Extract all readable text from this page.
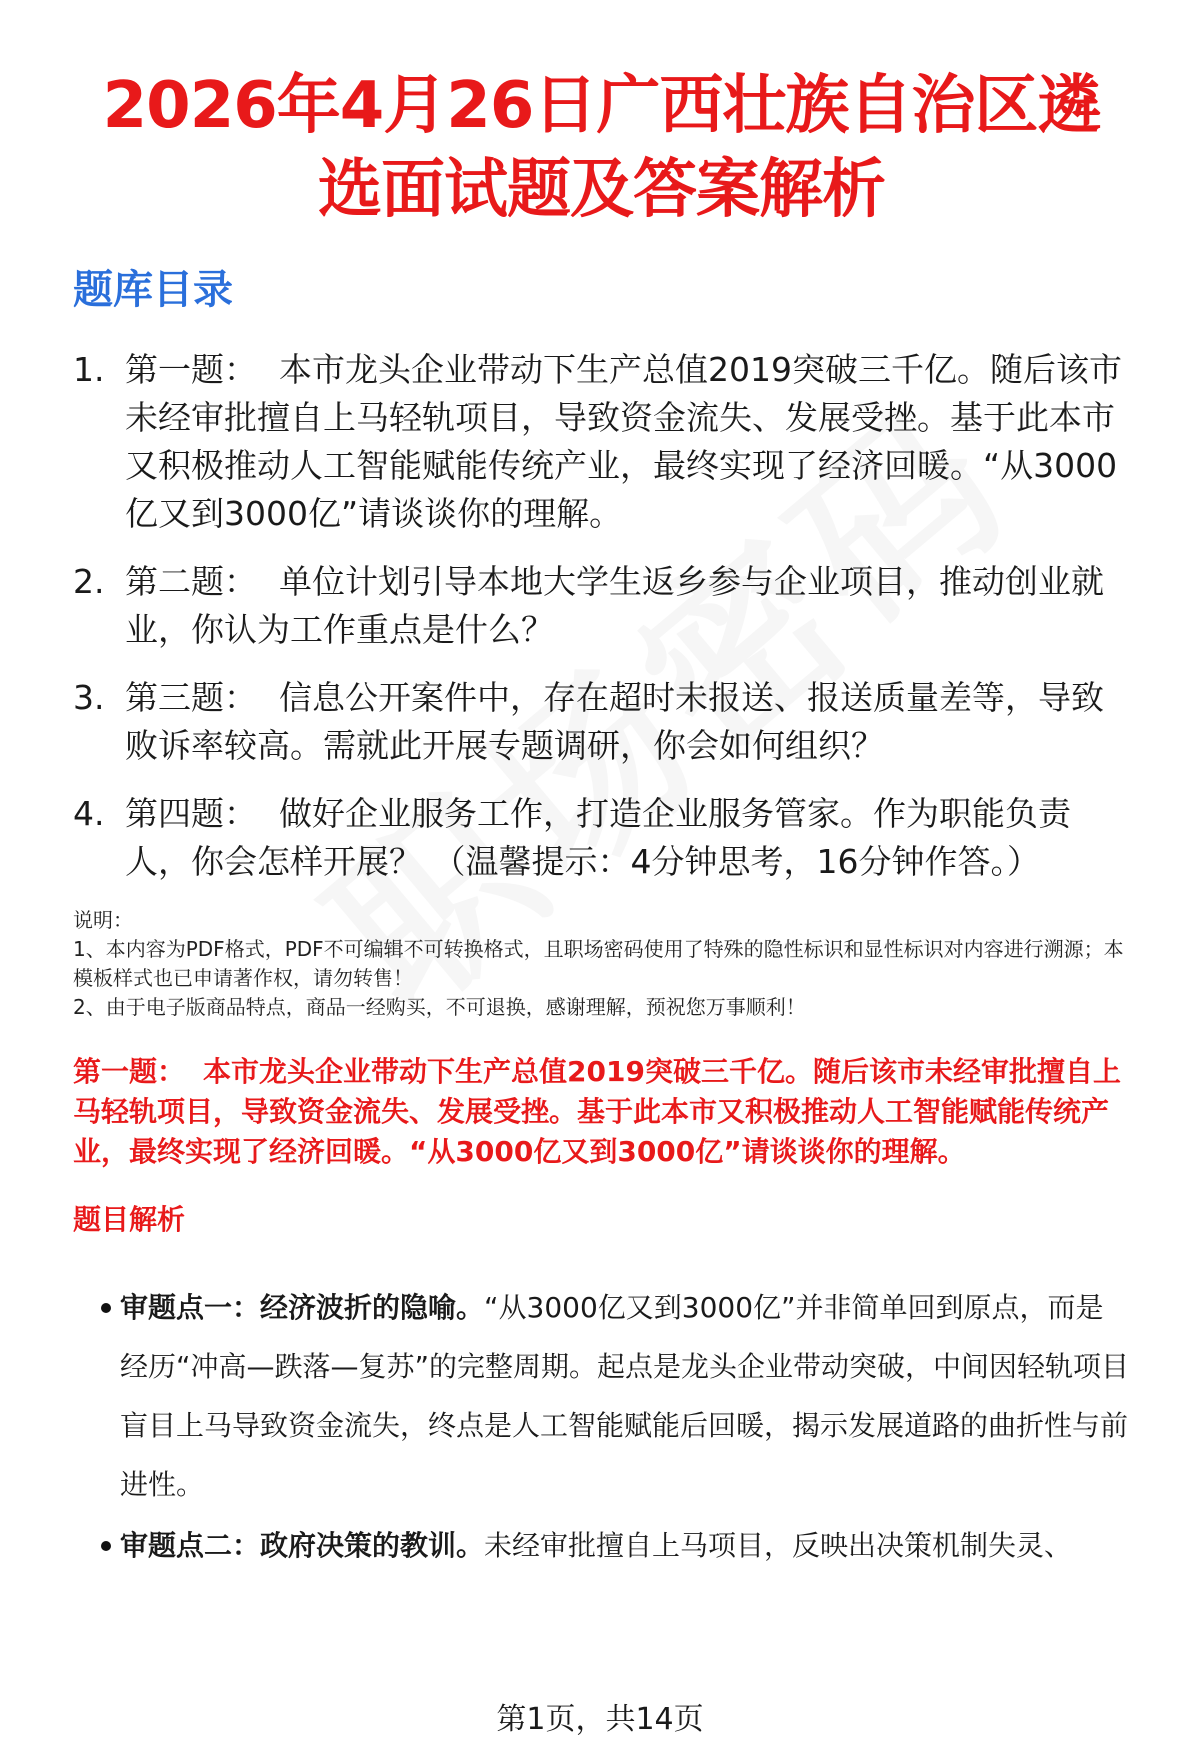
2026年4月26日广西壮族自治区遴选面试题及答案解析
题库目录
1. 第一题： 本市龙头企业带动下生产总值2019突破三千亿。随后该市未经审批擅自上马轻轨项目，导致资金流失、发展受挫。基于此本市又积极推动人工智能赋能传统产业，最终实现了经济回暖。“从3000亿又到3000亿”请谈谈你的理解。
2. 第二题： 单位计划引导本地大学生返乡参与企业项目，推动创业就业，你认为工作重点是什么？
3. 第三题： 信息公开案件中，存在超时未报送、报送质量差等，导致败诉率较高。需就此开展专题调研，你会如何组织？
4. 第四题： 做好企业服务工作，打造企业服务管家。作为职能负责人，你会怎样开展？ （温馨提示：4分钟思考，16分钟作答。）

说明：

1、本内容为PDF格式，PDF不可编辑不可转换格式，且职场密码使用了特殊的隐性标识和显性标识对内容进行溯源；本模板样式也已申请著作权，请勿转售！

2、由于电子版商品特点，商品一经购买，不可退换，感谢理解，预祝您万事顺利！

第一题： 本市龙头企业带动下生产总值2019突破三千亿。随后该市未经审批擅自上马轻轨项目，导致资金流失、发展受挫。基于此本市又积极推动人工智能赋能传统产业，最终实现了经济回暖。“从3000亿又到3000亿”请谈谈你的理解。
题目解析
审题点一：经济波折的隐喻。“从3000亿又到3000亿”并非简单回到原点，而是经历“冲高—跌落—复苏”的完整周期。起点是龙头企业带动突破，中间因轻轨项目盲目上马导致资金流失，终点是人工智能赋能后回暖，揭示发展道路的曲折性与前进性。
审题点二：政府决策的教训。未经审批擅自上马项目，反映出决策机制失灵、
第1页，共14页
